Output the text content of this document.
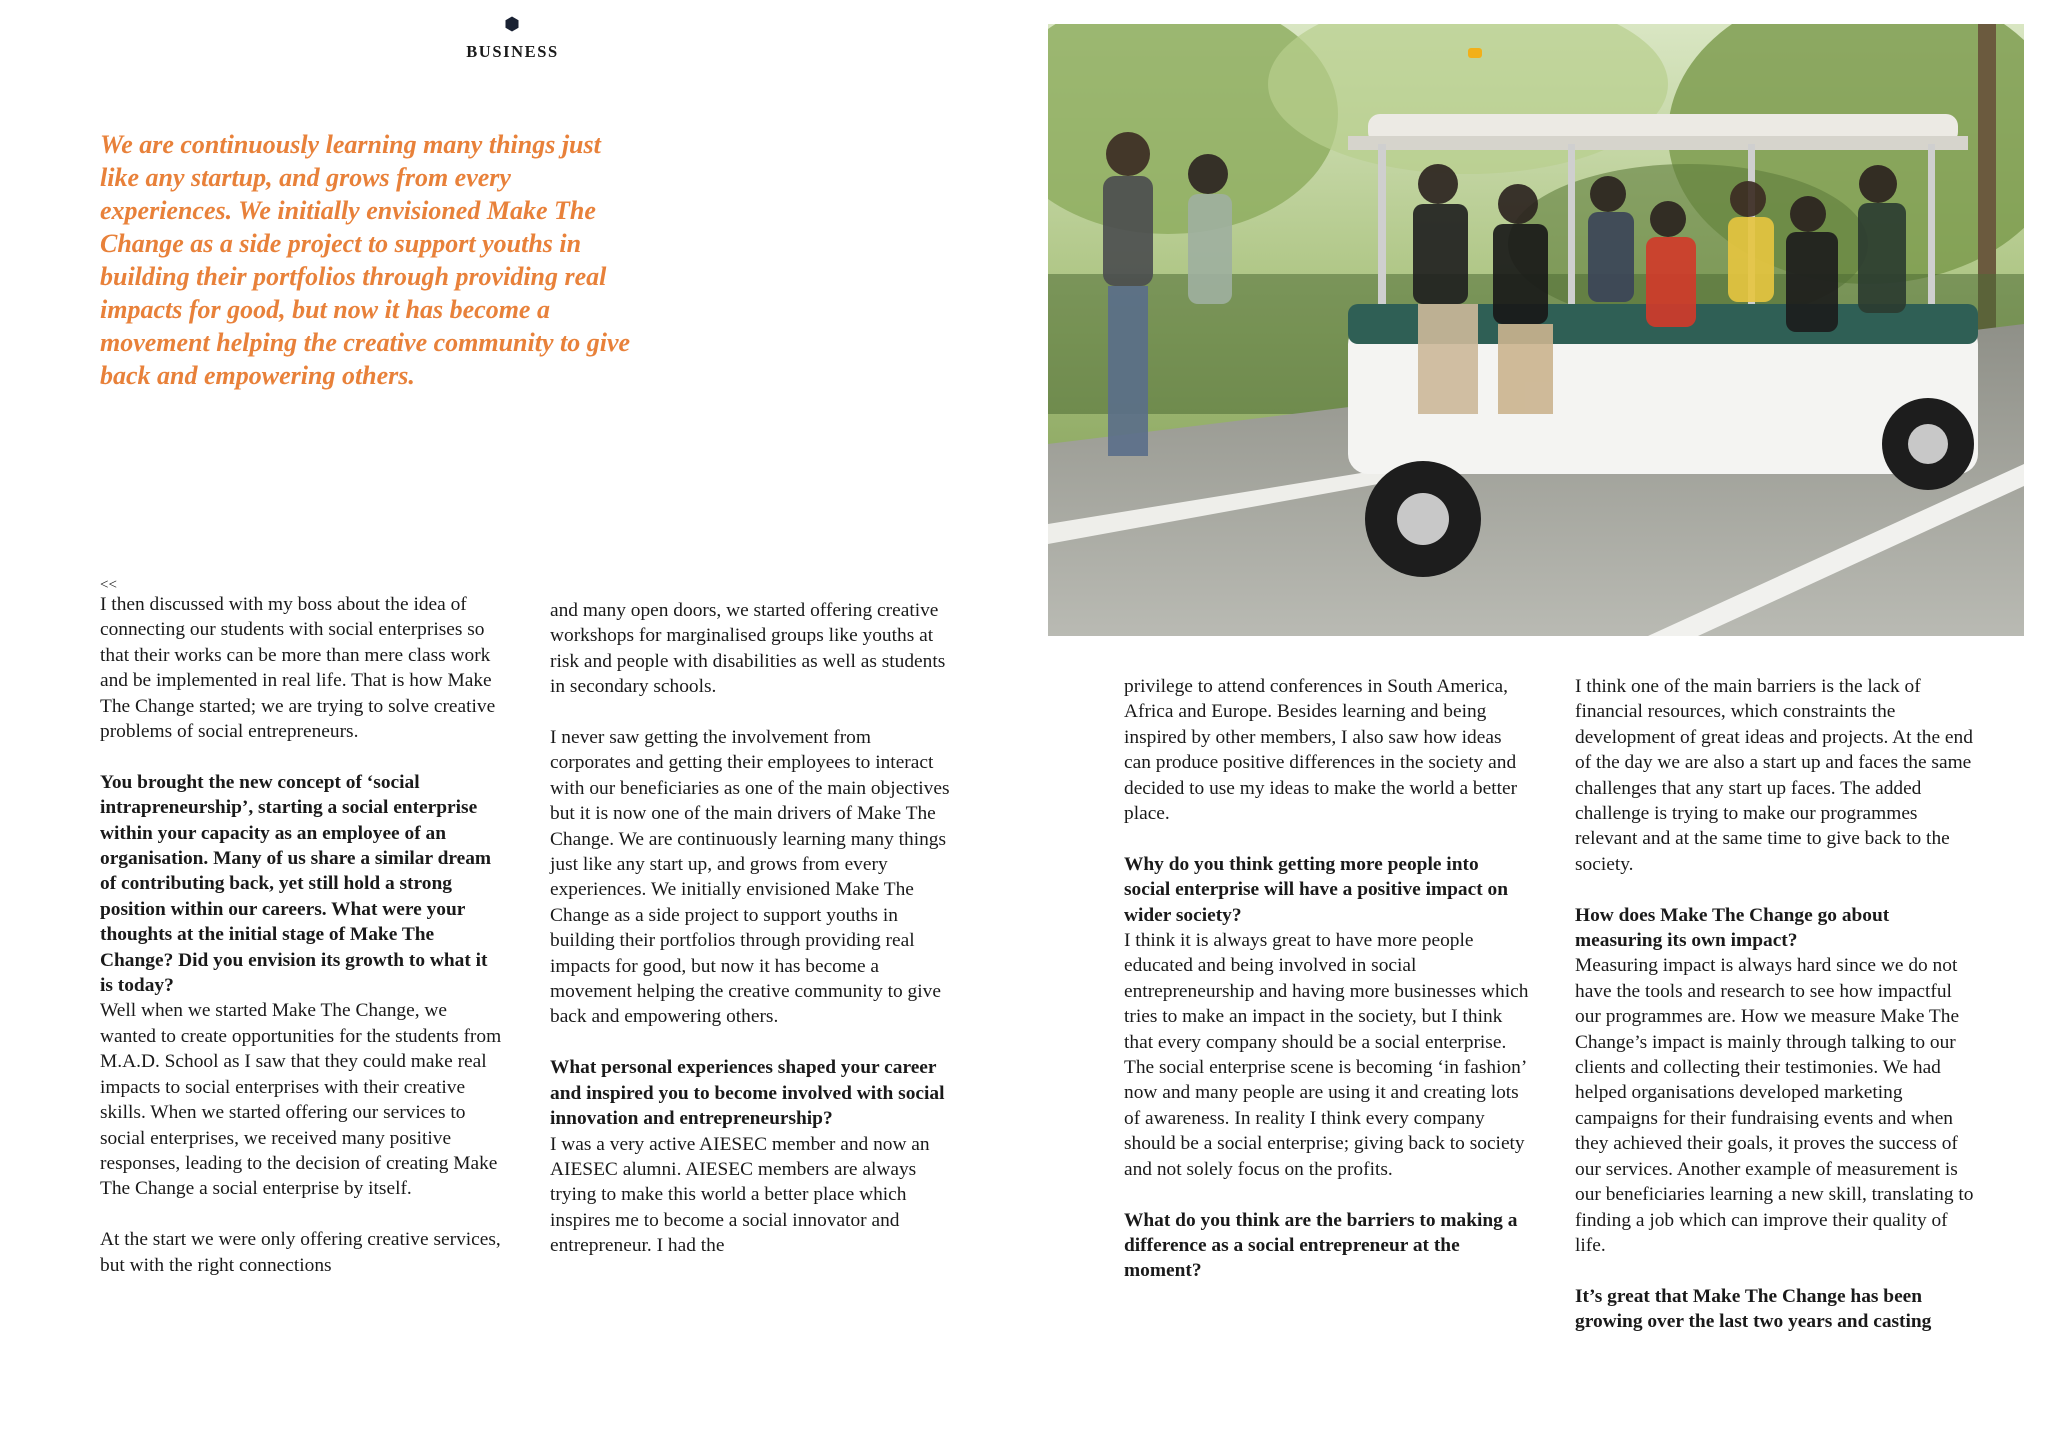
BUSINESS

We are continuously learning many things just like any startup, and grows from every experiences. We initially envisioned Make The Change as a side project to support youths in building their portfolios through providing real impacts for good, but now it has become a movement helping the creative community to give back and empowering others.

<<

I then discussed with my boss about the idea of connecting our students with social enterprises so that their works can be more than mere class work and be implemented in real life. That is how Make The Change started; we are trying to solve creative problems of social entrepreneurs.

You brought the new concept of ‘social intrapreneurship’, starting a social enterprise within your capacity as an employee of an organisation. Many of us share a similar dream of contributing back, yet still hold a strong position within our careers. What were your thoughts at the initial stage of Make The Change? Did you envision its growth to what it is today?
Well when we started Make The Change, we wanted to create opportunities for the students from M.A.D. School as I saw that they could make real impacts to social enterprises with their creative skills. When we started offering our services to social enterprises, we received many positive responses, leading to the decision of creating Make The Change a social enterprise by itself.

At the start we were only offering creative services, but with the right connections

and many open doors, we started offering creative workshops for marginalised groups like youths at risk and people with disabilities as well as students in secondary schools.

I never saw getting the involvement from corporates and getting their employees to interact with our beneficiaries as one of the main objectives but it is now one of the main drivers of Make The Change. We are continuously learning many things just like any start up, and grows from every experiences. We initially envisioned Make The Change as a side project to support youths in building their portfolios through providing real impacts for good, but now it has become a movement helping the creative community to give back and empowering others.

What personal experiences shaped your career and inspired you to become involved with social innovation and entrepreneurship?
I was a very active AIESEC member and now an AIESEC alumni. AIESEC members are always trying to make this world a better place which inspires me to become a social innovator and entrepreneur. I had the

privilege to attend conferences in South America, Africa and Europe. Besides learning and being inspired by other members, I also saw how ideas can produce positive differences in the society and decided to use my ideas to make the world a better place.

Why do you think getting more people into social enterprise will have a positive impact on wider society?
I think it is always great to have more people educated and being involved in social entrepreneurship and having more businesses which tries to make an impact in the society, but I think that every company should be a social enterprise. The social enterprise scene is becoming ‘in fashion’ now and many people are using it and creating lots of awareness. In reality I think every company should be a social enterprise; giving back to society and not solely focus on the profits.

What do you think are the barriers to making a difference as a social entrepreneur at the moment?

I think one of the main barriers is the lack of financial resources, which constraints the development of great ideas and projects. At the end of the day we are also a start up and faces the same challenges that any start up faces. The added challenge is trying to make our programmes relevant and at the same time to give back to the society.

How does Make The Change go about measuring its own impact?
Measuring impact is always hard since we do not have the tools and research to see how impactful our programmes are. How we measure Make The Change’s impact is mainly through talking to our clients and collecting their testimonies. We had helped organisations developed marketing campaigns for their fundraising events and when they achieved their goals, it proves the success of our services. Another example of measurement is our beneficiaries learning a new skill, translating to finding a job which can improve their quality of life.

It’s great that Make The Change has been growing over the last two years and casting
